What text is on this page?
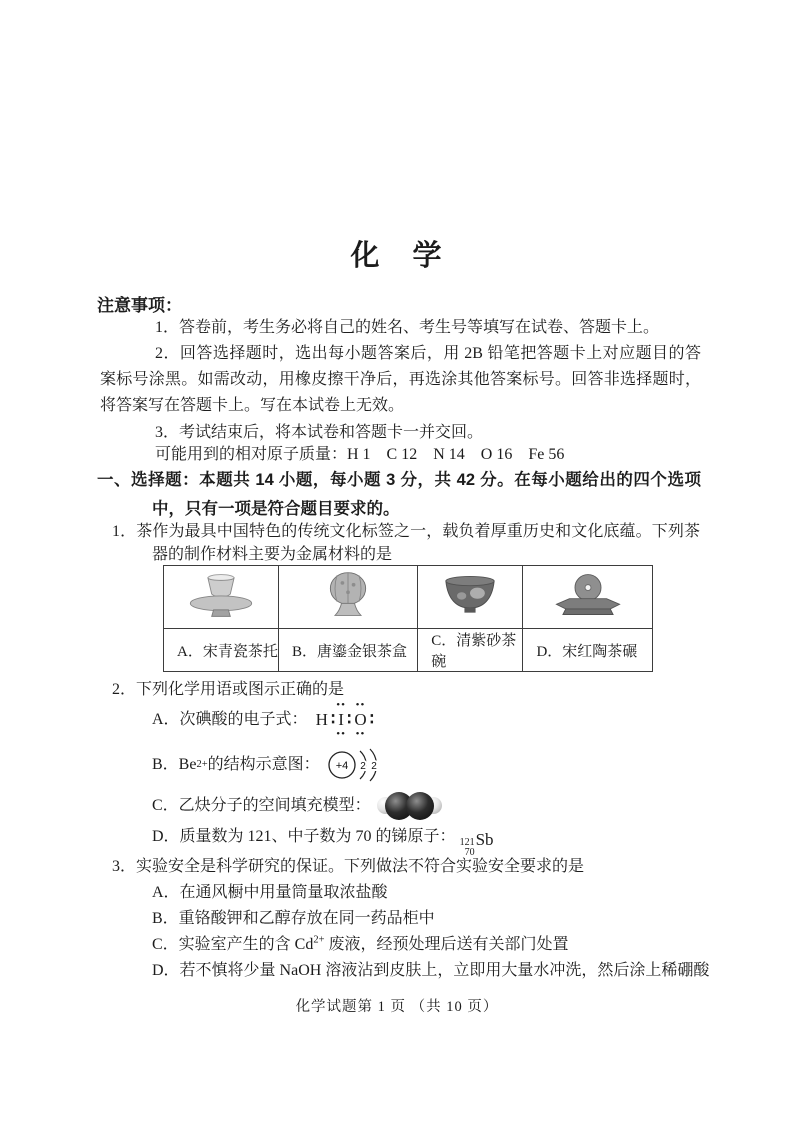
化　学
注意事项：
1．答卷前，考生务必将自己的姓名、考生号等填写在试卷、答题卡上。
2．回答选择题时，选出每小题答案后，用 2B 铅笔把答题卡上对应题目的答案标号涂黑。如需改动，用橡皮擦干净后，再选涂其他答案标号。回答非选择题时，将答案写在答题卡上。写在本试卷上无效。
3．考试结束后，将本试卷和答题卡一并交回。
可能用到的相对原子质量：H 1　C 12　N 14　O 16　Fe 56
一、选择题：本题共 14 小题，每小题 3 分，共 42 分。在每小题给出的四个选项中，只有一项是符合题目要求的。
1．茶作为最具中国特色的传统文化标签之一，载负着厚重历史和文化底蕴。下列茶器的制作材料主要为金属材料的是

A．宋青瓷茶托	B．唐鎏金银茶盒	C．清紫砂茶碗	D．宋红陶茶碾
2．下列化学用语或图示正确的是
A．次碘酸的电子式： H ∶
••
I
••
∶
••
O
••
∶
B．Be 2+ 的结构示意图： +4 2 2
C．乙炔分子的空间填充模型：
D．质量数为 121、中子数为 70 的锑原子： 121
70
Sb
3．实验安全是科学研究的保证。下列做法不符合实验安全要求的是
A．在通风橱中用量筒量取浓盐酸
B．重铬酸钾和乙醇存放在同一药品柜中
C．实验室产生的含 $Cd^{2+}$ 废液，经预处理后送有关部门处置
D．若不慎将少量 NaOH 溶液沾到皮肤上，立即用大量水冲洗，然后涂上稀硼酸
化学试题第 1 页 （共 10 页）
